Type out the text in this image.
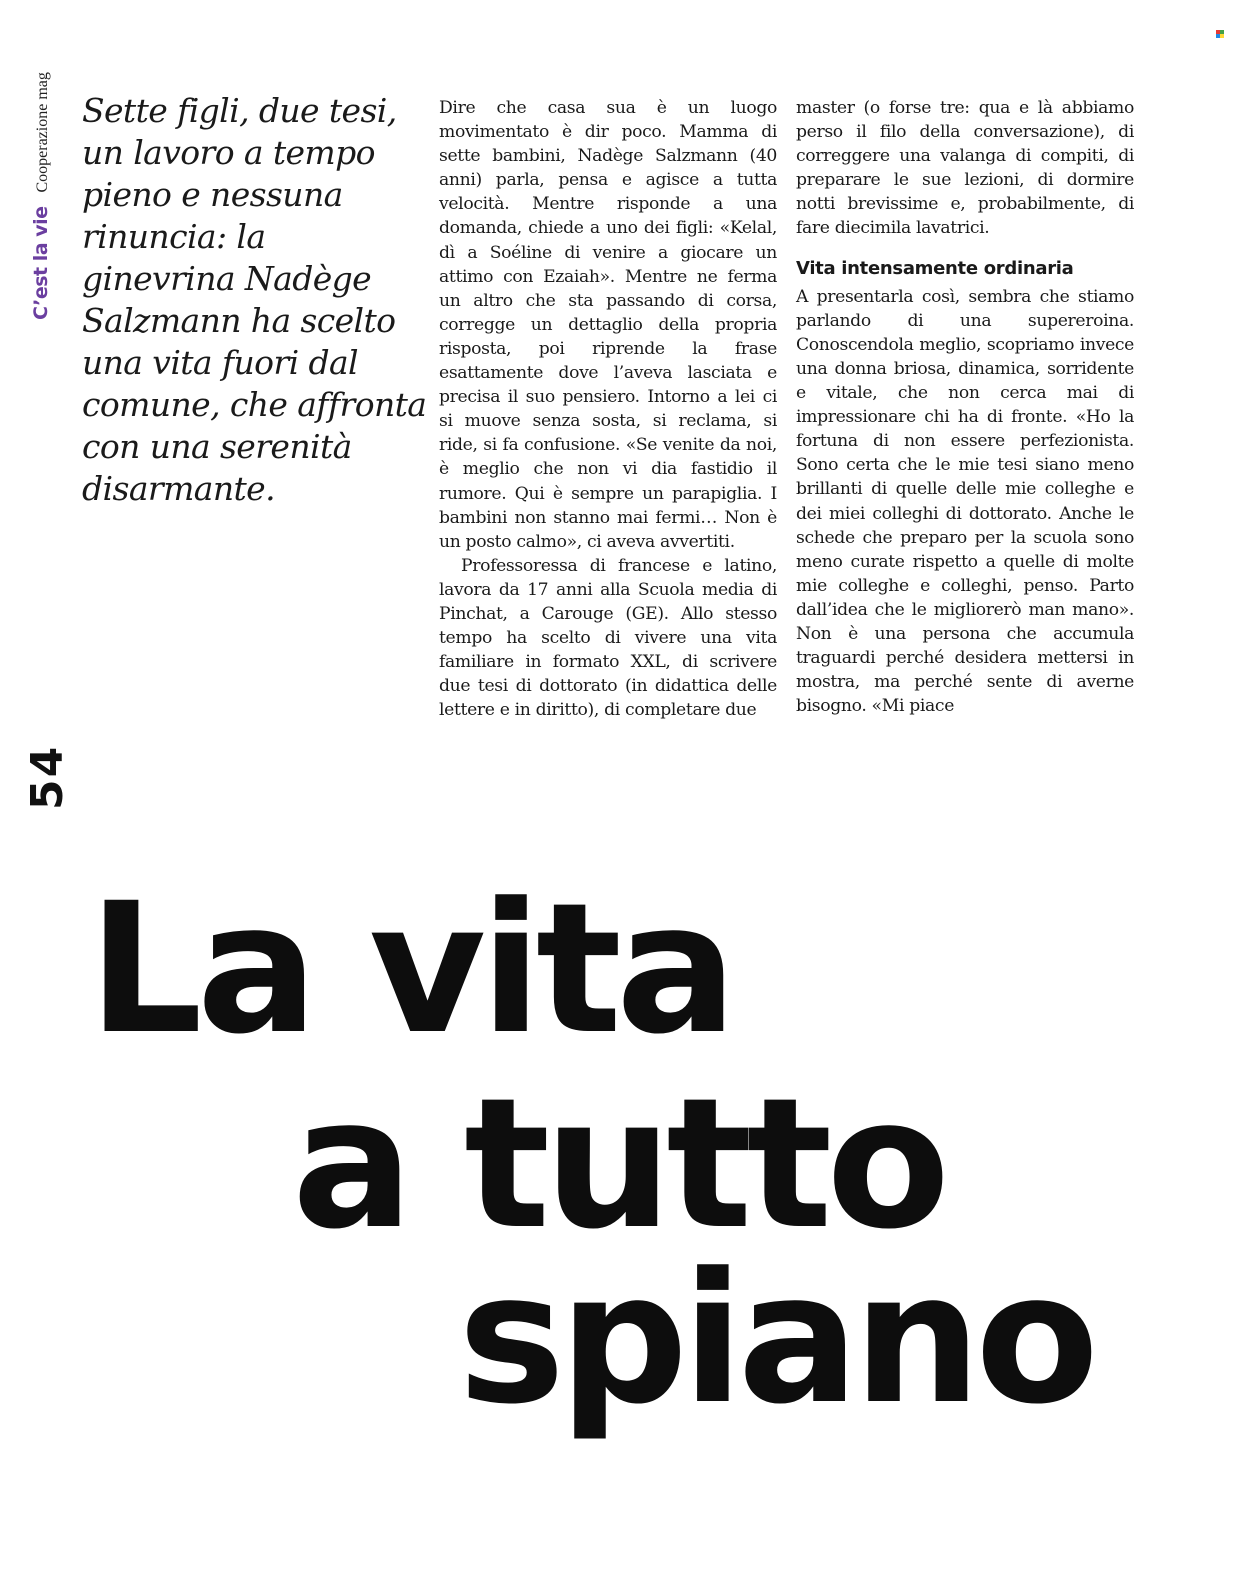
C’est la vie
Cooperazione mag
54
Sette figli, due tesi, un lavoro a tempo pieno e nessuna rinuncia: la ginevrina Nadège Salzmann ha scelto una vita fuori dal comune, che affronta con una serenità disarmante.

Dire che casa sua è un luogo movimentato è dir poco. Mamma di sette bambini, Nadège Salzmann (40 anni) parla, pensa e agisce a tutta velocità. Mentre risponde a una domanda, chiede a uno dei figli: «Kelal, dì a Soéline di venire a giocare un attimo con Ezaiah». Mentre ne ferma un altro che sta passando di corsa, corregge un dettaglio della propria risposta, poi riprende la frase esattamente dove l’aveva lasciata e precisa il suo pensiero. Intorno a lei ci si muove senza sosta, si reclama, si ride, si fa confusione. «Se venite da noi, è meglio che non vi dia fastidio il rumore. Qui è sempre un parapiglia. I bambini non stanno mai fermi… Non è un posto calmo», ci aveva avvertiti.

Professoressa di francese e latino, lavora da 17 anni alla Scuola media di Pinchat, a Carouge (GE). Allo stesso tempo ha scelto di vivere una vita familiare in formato XXL, di scrivere due tesi di dottorato (in didattica delle lettere e in diritto), di completare due

master (o forse tre: qua e là abbiamo perso il filo della conversazione), di correggere una valanga di compiti, di preparare le sue lezioni, di dormire notti brevissime e, probabilmente, di fare diecimila lavatrici.

Vita intensamente ordinaria

A presentarla così, sembra che stiamo parlando di una supereroina. Conoscendola meglio, scopriamo invece una donna briosa, dinamica, sorridente e vitale, che non cerca mai di impressionare chi ha di fronte. «Ho la fortuna di non essere perfezionista. Sono certa che le mie tesi siano meno brillanti di quelle delle mie colleghe e dei miei colleghi di dottorato. Anche le schede che preparo per la scuola sono meno curate rispetto a quelle di molte mie colleghe e colleghi, penso. Parto dall’idea che le migliorerò man mano». Non è una persona che accumula traguardi perché desidera mettersi in mostra, ma perché sente di averne bisogno. «Mi piace

La vita
a tutto
spiano
